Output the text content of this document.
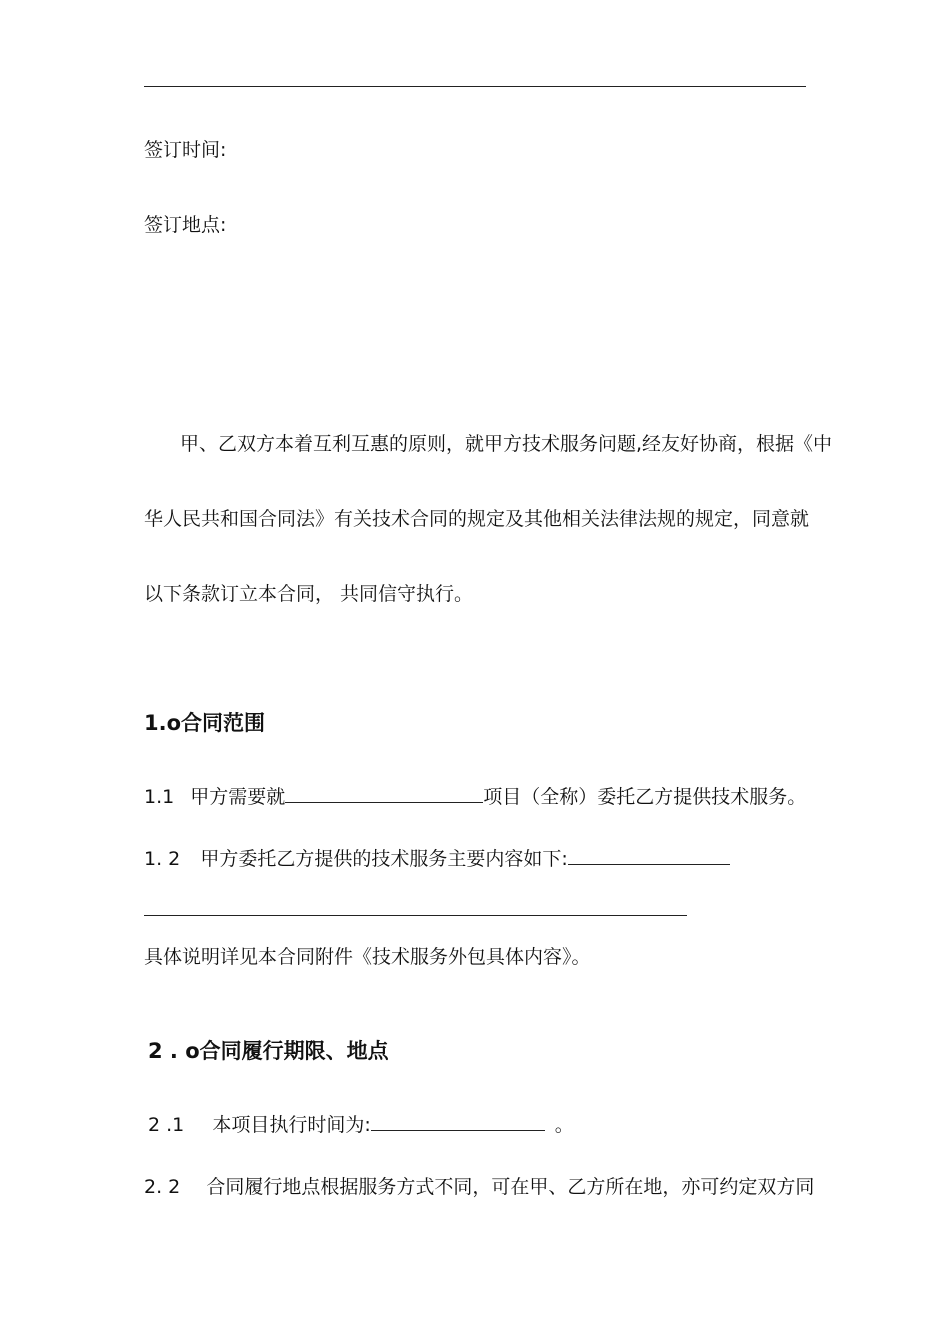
签订时间:
签订地点:
甲、乙双方本着互利互惠的原则，就甲方技术服务问题,经友好协商，根据《中
华人民共和国合同法》有关技术合同的规定及其他相关法律法规的规定，同意就
以下条款订立本合同， 共同信守执行。
1.o合同范围
1.1 甲方需要就	项目（全称）委托乙方提供技术服务。
1. 2 甲方委托乙方提供的技术服务主要内容如下:
具体说明详见本合同附件《技术服务外包具体内容》。
2 . o合同履行期限、地点
2 .1 本项目执行时间为:	。
2. 2 合同履行地点根据服务方式不同，可在甲、乙方所在地，亦可约定双方同
